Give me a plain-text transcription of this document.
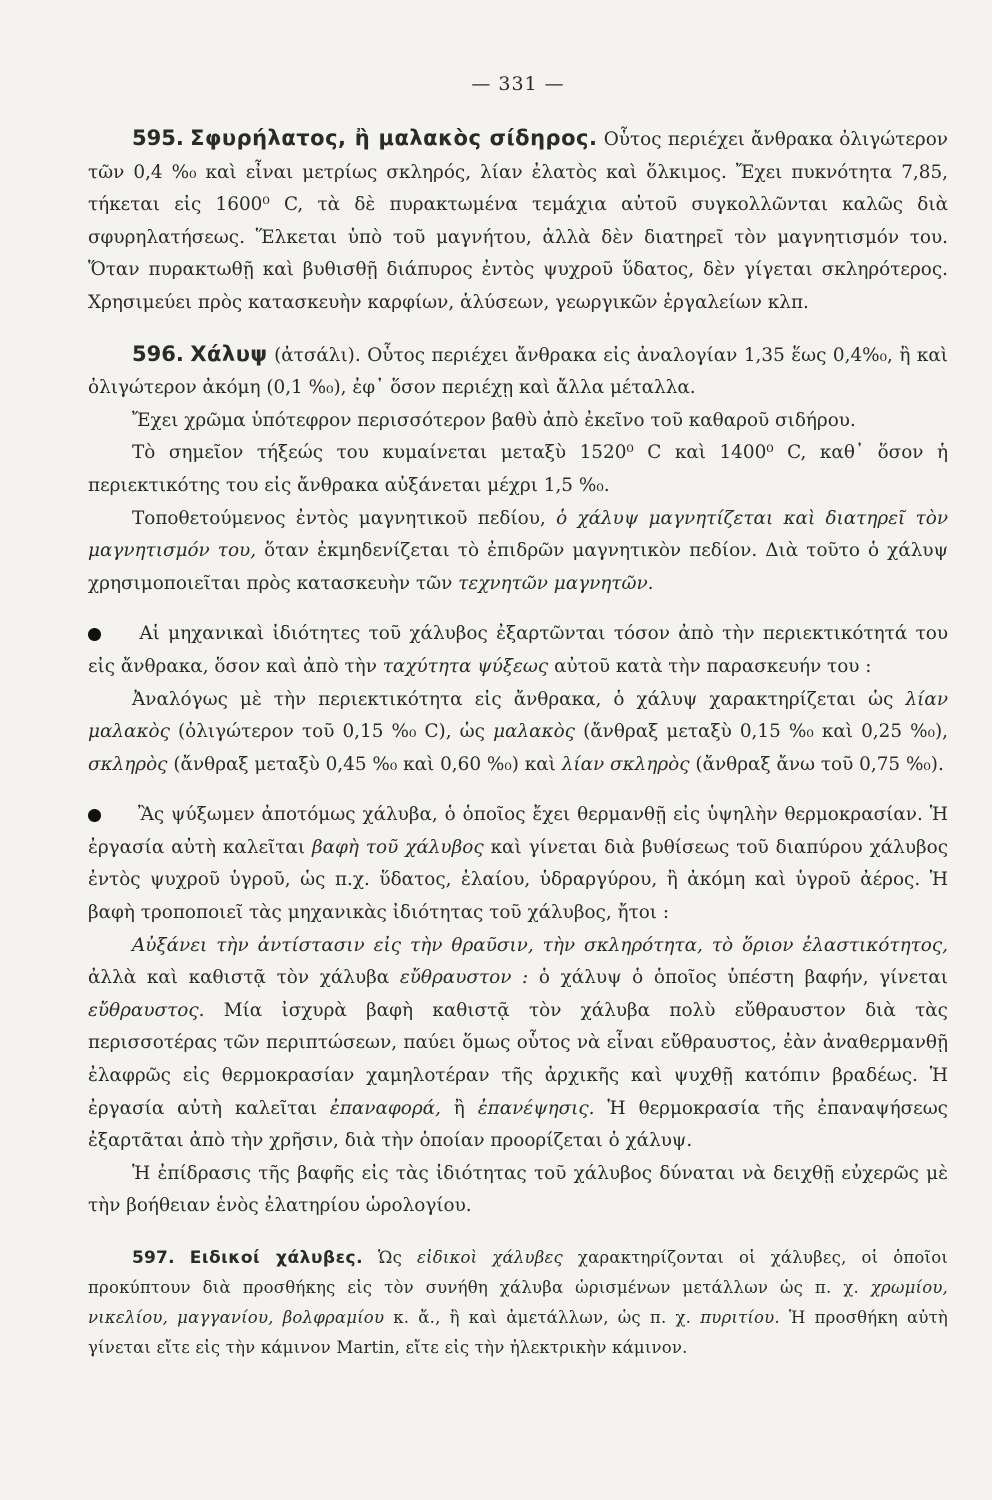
— 331 —

595. Σφυρήλατος, ἢ μαλακὸς σίδηρος. Οὗτος περιέχει ἄνθρακα ὀλιγώτερον τῶν 0,4 %₀ καὶ εἶναι μετρίως σκληρός, λίαν ἐλατὸς καὶ ὅλκιμος. Ἔχει πυκνότητα 7,85, τήκεται εἰς 1600⁰ C, τὰ δὲ πυρακτωμένα τεμάχια αὐτοῦ συγκολλῶνται καλῶς διὰ σφυρηλατήσεως. Ἕλκεται ὑπὸ τοῦ μαγνήτου, ἀλλὰ δὲν διατηρεῖ τὸν μαγνητισμόν του. Ὅταν πυρακτωθῇ καὶ βυθισθῇ διάπυρος ἐντὸς ψυχροῦ ὕδατος, δὲν γίγεται σκληρότερος. Χρησιμεύει πρὸς κατασκευὴν καρφίων, ἁλύσεων, γεωργικῶν ἐργαλείων κλπ.

596. Χάλυψ (ἀτσάλι). Οὗτος περιέχει ἄνθρακα εἰς ἀναλογίαν 1,35 ἕως 0,4%₀, ἢ καὶ ὀλιγώτερον ἀκόμη (0,1 %₀), ἐφ᾿ ὅσον περιέχῃ καὶ ἄλλα μέταλλα.

Ἔχει χρῶμα ὑπότεφρον περισσότερον βαθὺ ἀπὸ ἐκεῖνο τοῦ καθαροῦ σιδήρου.

Τὸ σημεῖον τήξεώς του κυμαίνεται μεταξὺ 1520⁰ C καὶ 1400⁰ C, καθ᾿ ὅσον ἡ περιεκτικότης του εἰς ἄνθρακα αὐξάνεται μέχρι 1,5 %₀.

Τοποθετούμενος ἐντὸς μαγνητικοῦ πεδίου, ὁ χάλυψ μαγνητίζεται καὶ διατηρεῖ τὸν μαγνητισμόν του, ὅταν ἐκμηδενίζεται τὸ ἐπιδρῶν μαγνητικὸν πεδίον. Διὰ τοῦτο ὁ χάλυψ χρησιμοποιεῖται πρὸς κατασκευὴν τῶν τεχνητῶν μαγνητῶν.

Αἱ μηχανικαὶ ἰδιότητες τοῦ χάλυβος ἐξαρτῶνται τόσον ἀπὸ τὴν περιεκτικότητά του εἰς ἄνθρακα, ὅσον καὶ ἀπὸ τὴν ταχύτητα ψύξεως αὐτοῦ κατὰ τὴν παρασκευήν του :

Ἀναλόγως μὲ τὴν περιεκτικότητα εἰς ἄνθρακα, ὁ χάλυψ χαρακτηρίζεται ὡς λίαν μαλακὸς (ὀλιγώτερον τοῦ 0,15 %₀ C), ὡς μαλακὸς (ἄνθραξ μεταξὺ 0,15 %₀ καὶ 0,25 %₀), σκληρὸς (ἄνθραξ μεταξὺ 0,45 %₀ καὶ 0,60 %₀) καὶ λίαν σκληρὸς (ἄνθραξ ἄνω τοῦ 0,75 %₀).

Ἂς ψύξωμεν ἀποτόμως χάλυβα, ὁ ὁποῖος ἔχει θερμανθῇ εἰς ὑψηλὴν θερμοκρασίαν. Ἡ ἐργασία αὐτὴ καλεῖται βαφὴ τοῦ χάλυβος καὶ γίνεται διὰ βυθίσεως τοῦ διαπύρου χάλυβος ἐντὸς ψυχροῦ ὑγροῦ, ὡς π.χ. ὕδατος, ἐλαίου, ὑδραργύρου, ἢ ἀκόμη καὶ ὑγροῦ ἀέρος. Ἡ βαφὴ τροποποιεῖ τὰς μηχανικὰς ἰδιότητας τοῦ χάλυβος, ἤτοι :

Αὐξάνει τὴν ἀντίστασιν εἰς τὴν θραῦσιν, τὴν σκληρότητα, τὸ ὅριον ἐλαστικότητος, ἀλλὰ καὶ καθιστᾷ τὸν χάλυβα εὔθραυστον : ὁ χάλυψ ὁ ὁποῖος ὑπέστη βαφήν, γίνεται εὔθραυστος. Μία ἰσχυρὰ βαφὴ καθιστᾷ τὸν χάλυβα πολὺ εὔθραυστον διὰ τὰς περισσοτέρας τῶν περιπτώσεων, παύει ὅμως οὗτος νὰ εἶναι εὔθραυστος, ἐὰν ἀναθερμανθῇ ἐλαφρῶς εἰς θερμοκρασίαν χαμηλοτέραν τῆς ἀρχικῆς καὶ ψυχθῇ κατόπιν βραδέως. Ἡ ἐργασία αὐτὴ καλεῖται ἐπαναφορά, ἢ ἐπανέψησις. Ἡ θερμοκρασία τῆς ἐπαναψήσεως ἐξαρτᾶται ἀπὸ τὴν χρῆσιν, διὰ τὴν ὁποίαν προορίζεται ὁ χάλυψ.

Ἡ ἐπίδρασις τῆς βαφῆς εἰς τὰς ἰδιότητας τοῦ χάλυβος δύναται νὰ δειχθῇ εὐχερῶς μὲ τὴν βοήθειαν ἑνὸς ἐλατηρίου ὡρολογίου.

597. Ειδικοί χάλυβες. Ὡς εἰδικοὶ χάλυβες χαρακτηρίζονται οἱ χάλυβες, οἱ ὁποῖοι προκύπτουν διὰ προσθήκης εἰς τὸν συνήθη χάλυβα ὡρισμένων μετάλλων ὡς π. χ. χρωμίου, νικελίου, μαγγανίου, βολφραμίου κ. ἄ., ἢ καὶ ἀμετάλλων, ὡς π. χ. πυριτίου. Ἡ προσθήκη αὐτὴ γίνεται εἴτε εἰς τὴν κάμινον Martin, εἴτε εἰς τὴν ἠλεκτρικὴν κάμινον.
